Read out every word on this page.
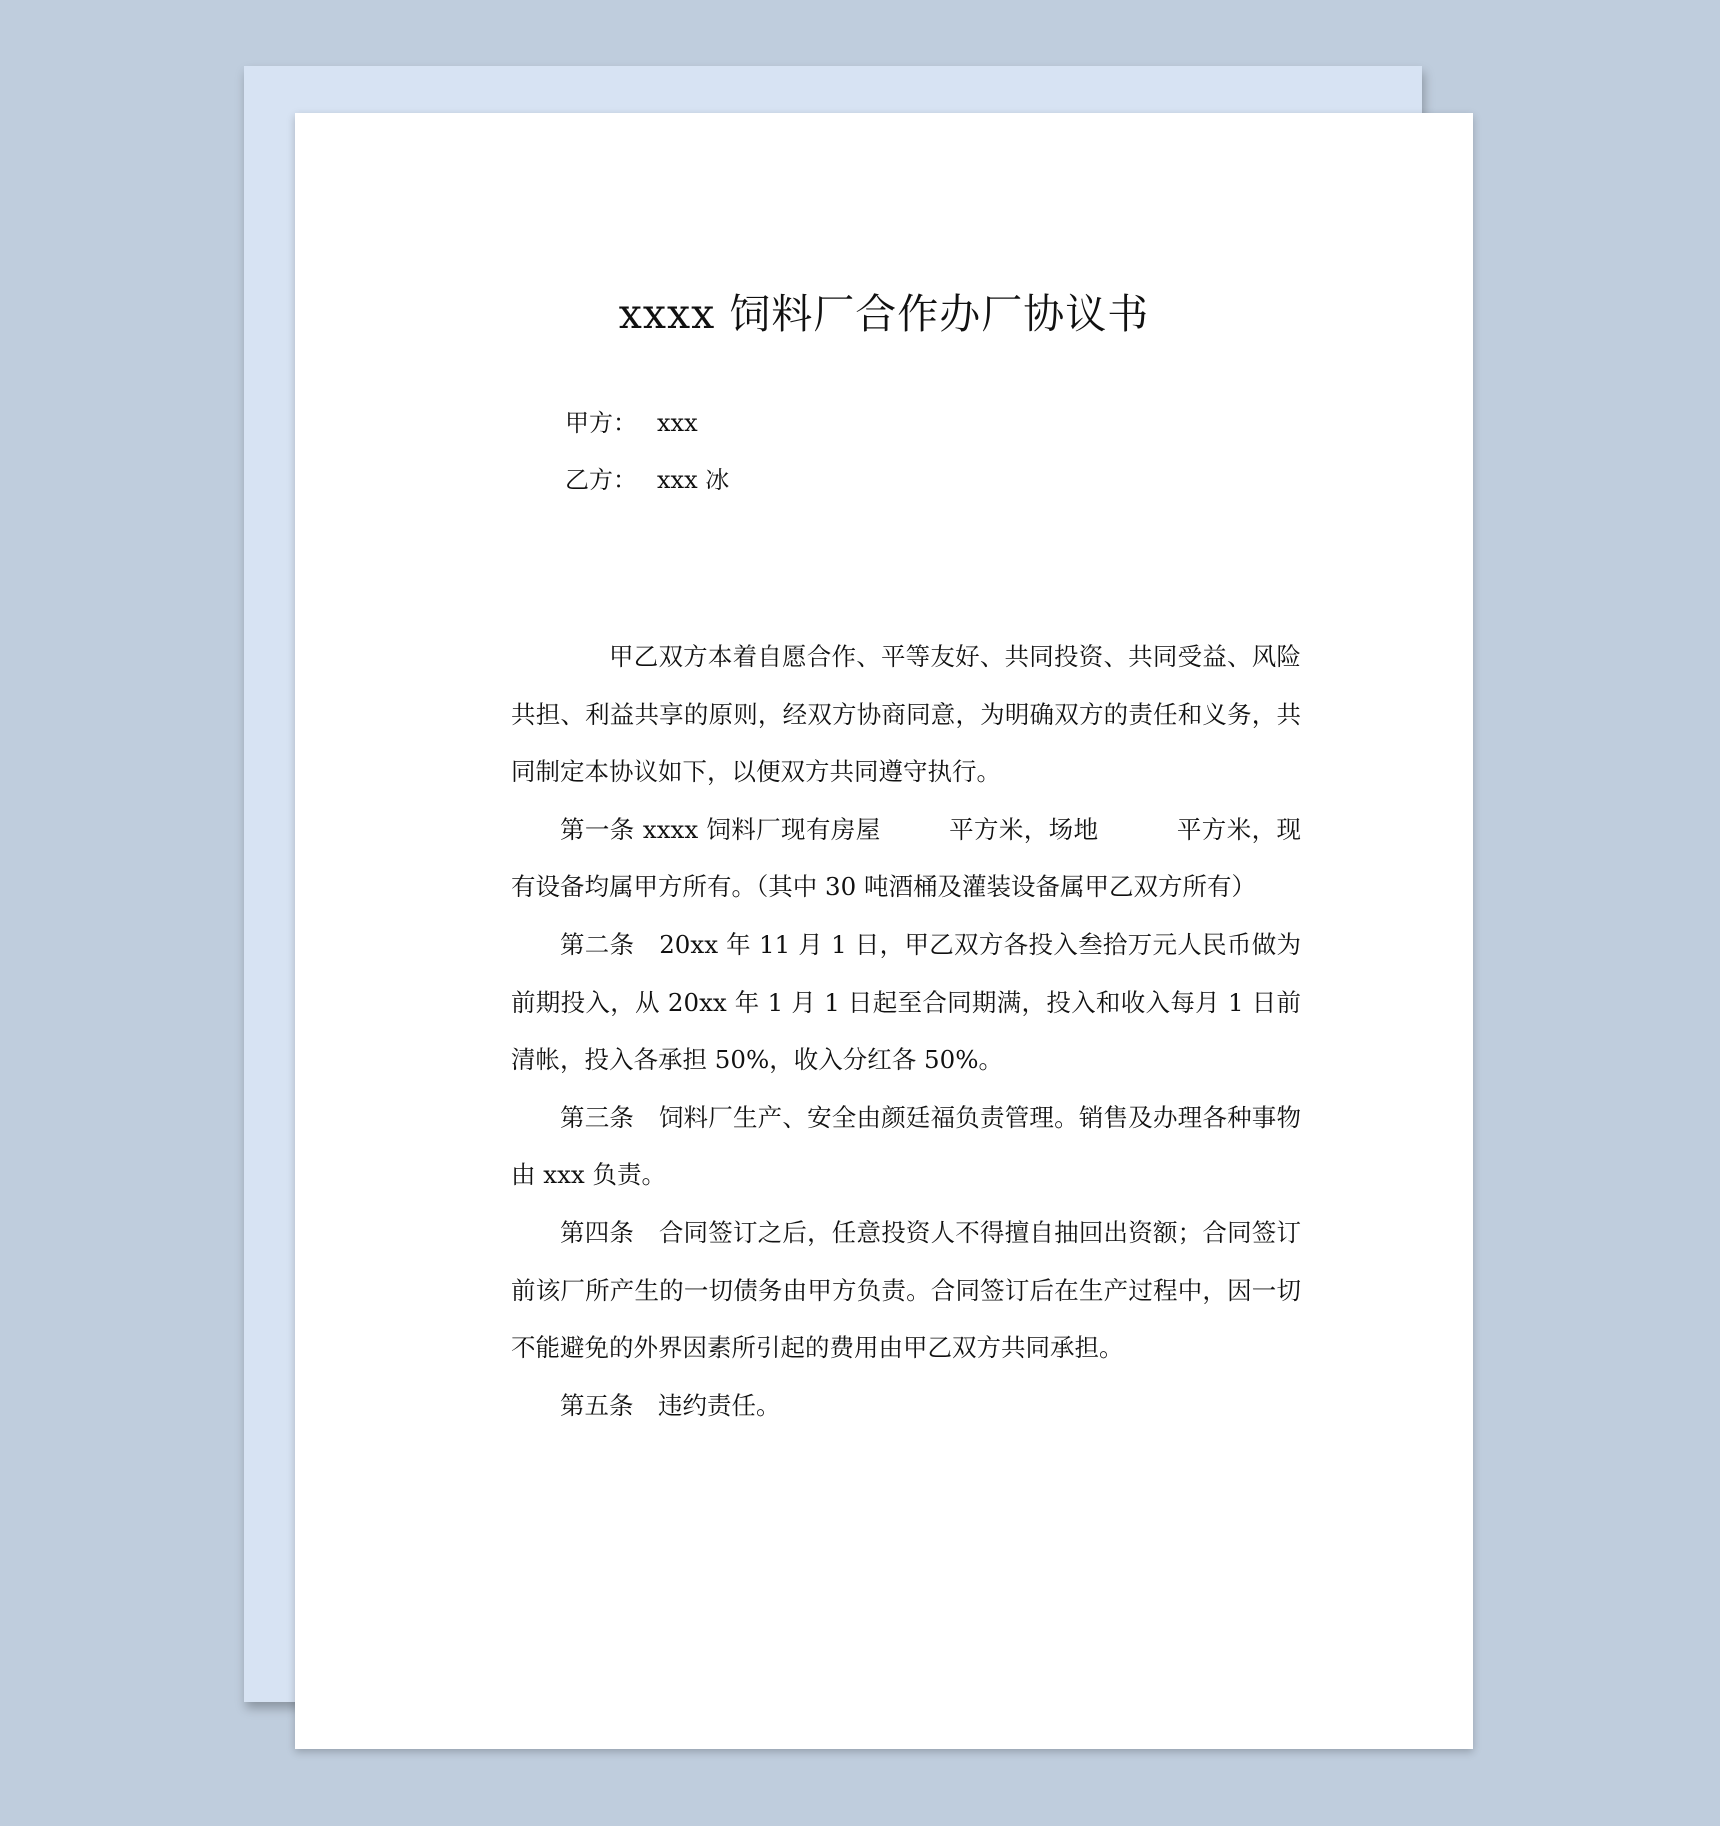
xxxx 饲料厂合作办厂协议书
甲方： xxx
乙方： xxx 冰

甲乙双方本着自愿合作、平等友好、共同投资、共同受益、风险共担、利益共享的原则，经双方协商同意，为明确双方的责任和义务，共同制定本协议如下，以便双方共同遵守执行。

第一条 xxxx 饲料厂现有房屋	平方米，场地	平方米，现有设备均属甲方所有。（其中 30 吨酒桶及灌装设备属甲乙双方所有）

第二条　20xx 年 11 月 1 日，甲乙双方各投入叁拾万元人民币做为前期投入，从 20xx 年 1 月 1 日起至合同期满，投入和收入每月 1 日前清帐，投入各承担 50%，收入分红各 50%。

第三条　饲料厂生产、安全由颜廷福负责管理。销售及办理各种事物由 xxx 负责。

第四条　合同签订之后，任意投资人不得擅自抽回出资额；合同签订前该厂所产生的一切债务由甲方负责。合同签订后在生产过程中，因一切不能避免的外界因素所引起的费用由甲乙双方共同承担。

第五条　违约责任。
